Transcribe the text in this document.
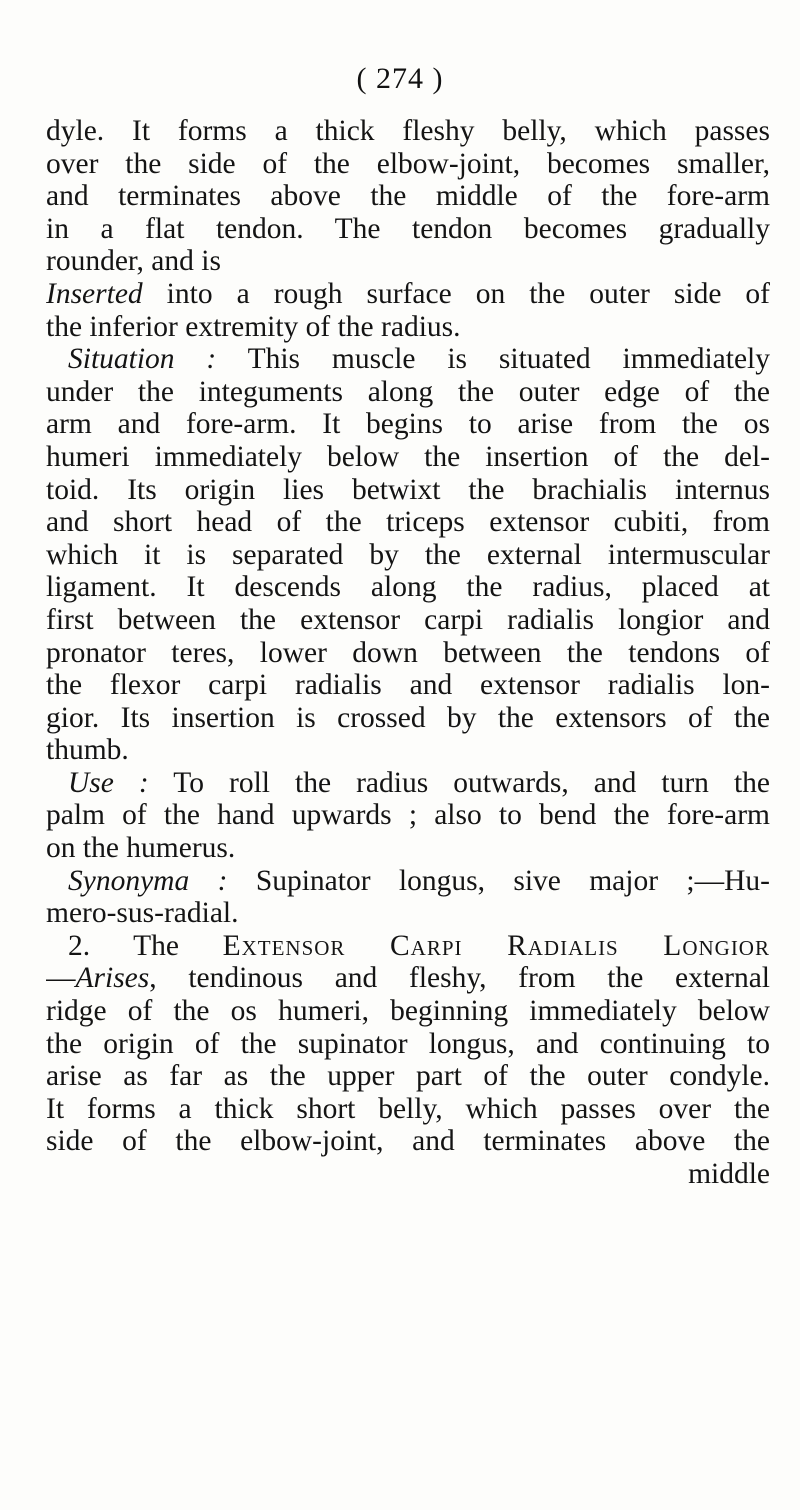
( 274 )
dyle. It forms a thick fleshy belly, which passes
over the side of the elbow-joint, becomes smaller,
and terminates above the middle of the fore-arm
in a flat tendon. The tendon becomes gradually
rounder, and is
Inserted into a rough surface on the outer side of
the inferior extremity of the radius.
Situation : This muscle is situated immediately
under the integuments along the outer edge of the
arm and fore-arm. It begins to arise from the os
humeri immediately below the insertion of the del-
toid. Its origin lies betwixt the brachialis internus
and short head of the triceps extensor cubiti, from
which it is separated by the external intermuscular
ligament. It descends along the radius, placed at
first between the extensor carpi radialis longior and
pronator teres, lower down between the tendons of
the flexor carpi radialis and extensor radialis lon-
gior. Its insertion is crossed by the extensors of the
thumb.
Use : To roll the radius outwards, and turn the
palm of the hand upwards ; also to bend the fore-arm
on the humerus.
Synonyma : Supinator longus, sive major ;—Hu-
mero-sus-radial.
2. The Extensor Carpi Radialis Longior
—Arises, tendinous and fleshy, from the external
ridge of the os humeri, beginning immediately below
the origin of the supinator longus, and continuing to
arise as far as the upper part of the outer condyle.
It forms a thick short belly, which passes over the
side of the elbow-joint, and terminates above the
middle
